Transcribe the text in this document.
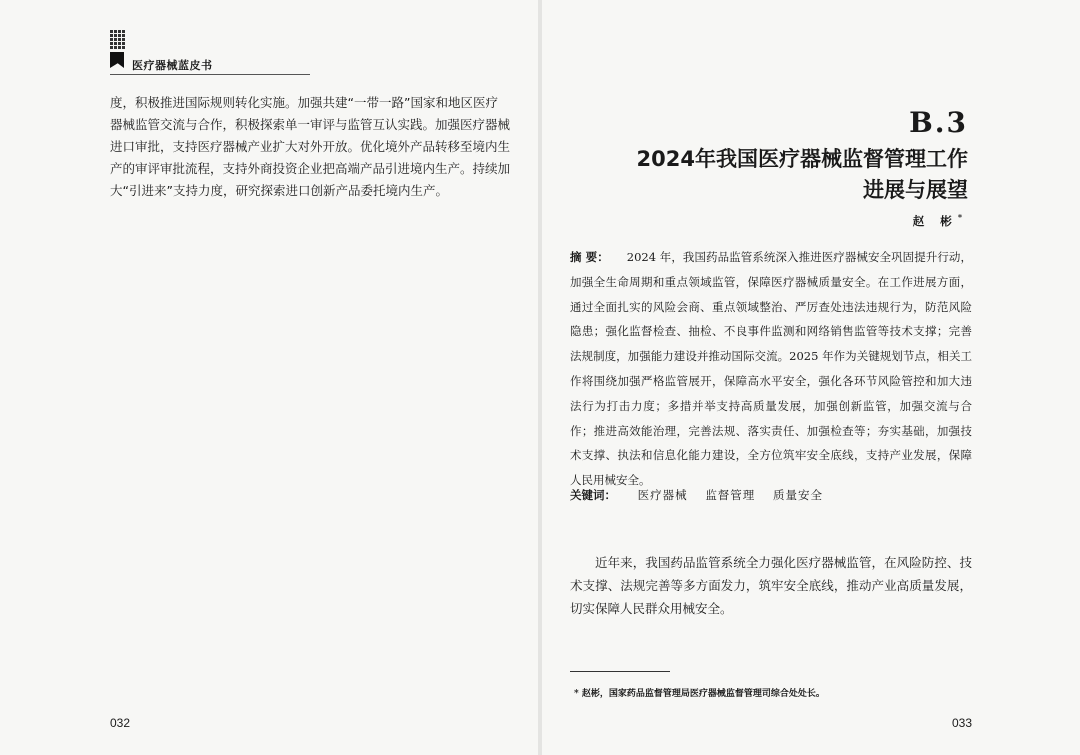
医疗器械蓝皮书

度，积极推进国际规则转化实施。加强共建“一带一路”国家和地区医疗器械监管交流与合作，积极探索单一审评与监管互认实践。加强医疗器械进口审批，支持医疗器械产业扩大对外开放。优化境外产品转移至境内生产的审评审批流程，支持外商投资企业把高端产品引进境内生产。持续加大“引进来”支持力度，研究探索进口创新产品委托境内生产。

032
B.3
2024年我国医疗器械监督管理工作
进展与展望
赵 彬*
摘 要： 2024 年，我国药品监管系统深入推进医疗器械安全巩固提升行动，加强全生命周期和重点领域监管，保障医疗器械质量安全。在工作进展方面，通过全面扎实的风险会商、重点领域整治、严厉查处违法违规行为，防范风险隐患；强化监督检查、抽检、不良事件监测和网络销售监管等技术支撑；完善法规制度，加强能力建设并推动国际交流。2025 年作为关键规划节点，相关工作将围绕加强严格监管展开，保障高水平安全，强化各环节风险管控和加大违法行为打击力度；多措并举支持高质量发展，加强创新监管，加强交流与合作；推进高效能治理，完善法规、落实责任、加强检查等；夯实基础，加强技术支撑、执法和信息化能力建设，全方位筑牢安全底线，支持产业发展，保障人民用械安全。
关键词： 医疗器械 监督管理 质量安全
近年来，我国药品监管系统全力强化医疗器械监管，在风险防控、技术支撑、法规完善等多方面发力，筑牢安全底线，推动产业高质量发展，切实保障人民群众用械安全。
* 赵彬，国家药品监督管理局医疗器械监督管理司综合处处长。
033
